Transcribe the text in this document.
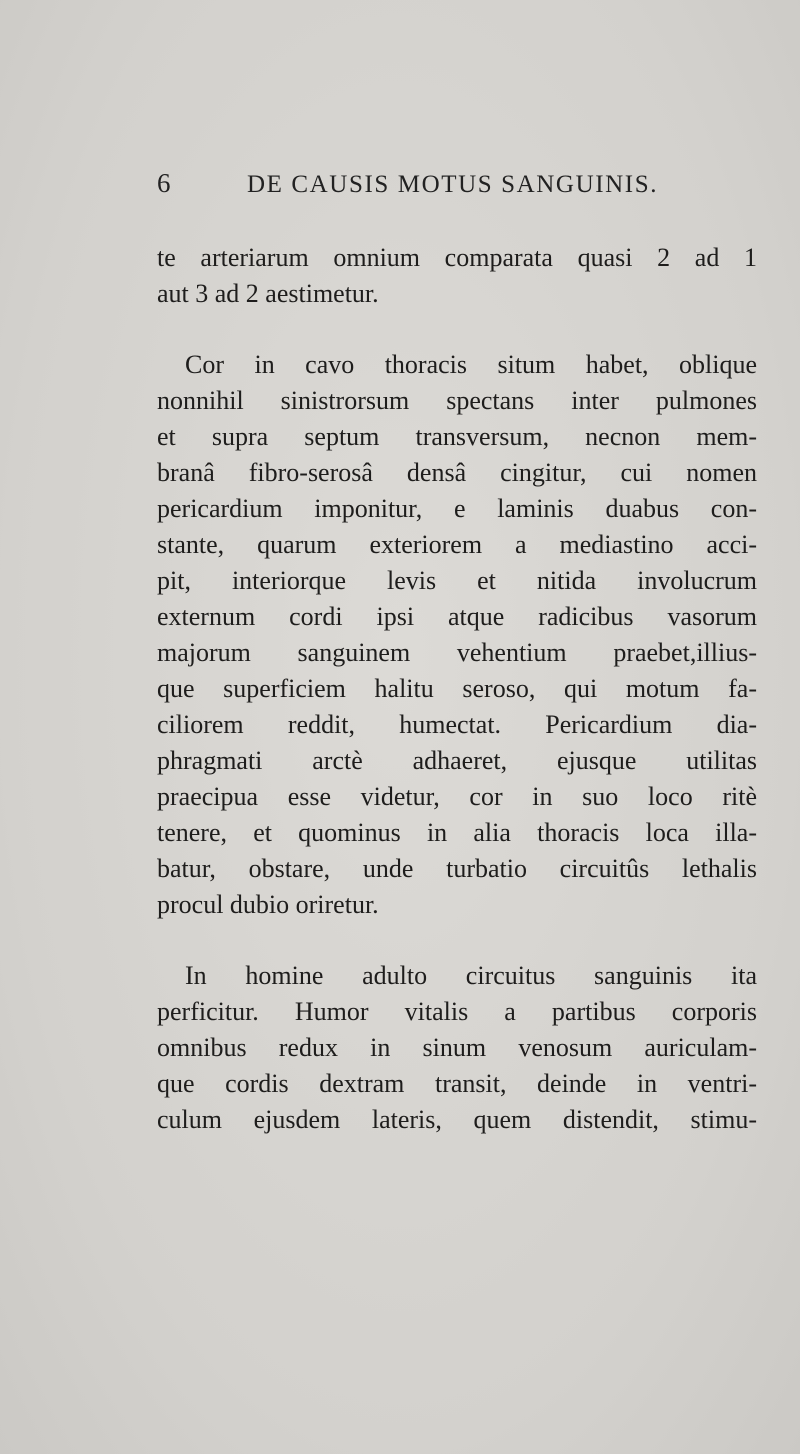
6	DE CAUSIS MOTUS SANGUINIS.
te arteriarum omnium comparata quasi 2 ad 1
aut 3 ad 2 aestimetur.
Cor in cavo thoracis situm habet, oblique
nonnihil sinistrorsum spectans inter pulmones
et supra septum transversum, necnon mem-
branâ fibro-serosâ densâ cingitur, cui nomen
pericardium imponitur, e laminis duabus con-
stante, quarum exteriorem a mediastino acci-
pit, interiorque levis et nitida involucrum
externum cordi ipsi atque radicibus vasorum
majorum sanguinem vehentium praebet,illius-
que superficiem halitu seroso, qui motum fa-
ciliorem reddit, humectat. Pericardium dia-
phragmati arctè adhaeret, ejusque utilitas
praecipua esse videtur, cor in suo loco ritè
tenere, et quominus in alia thoracis loca illa-
batur, obstare, unde turbatio circuitûs lethalis
procul dubio oriretur.
In homine adulto circuitus sanguinis ita
perficitur. Humor vitalis a partibus corporis
omnibus redux in sinum venosum auriculam-
que cordis dextram transit, deinde in ventri-
culum ejusdem lateris, quem distendit, stimu-
